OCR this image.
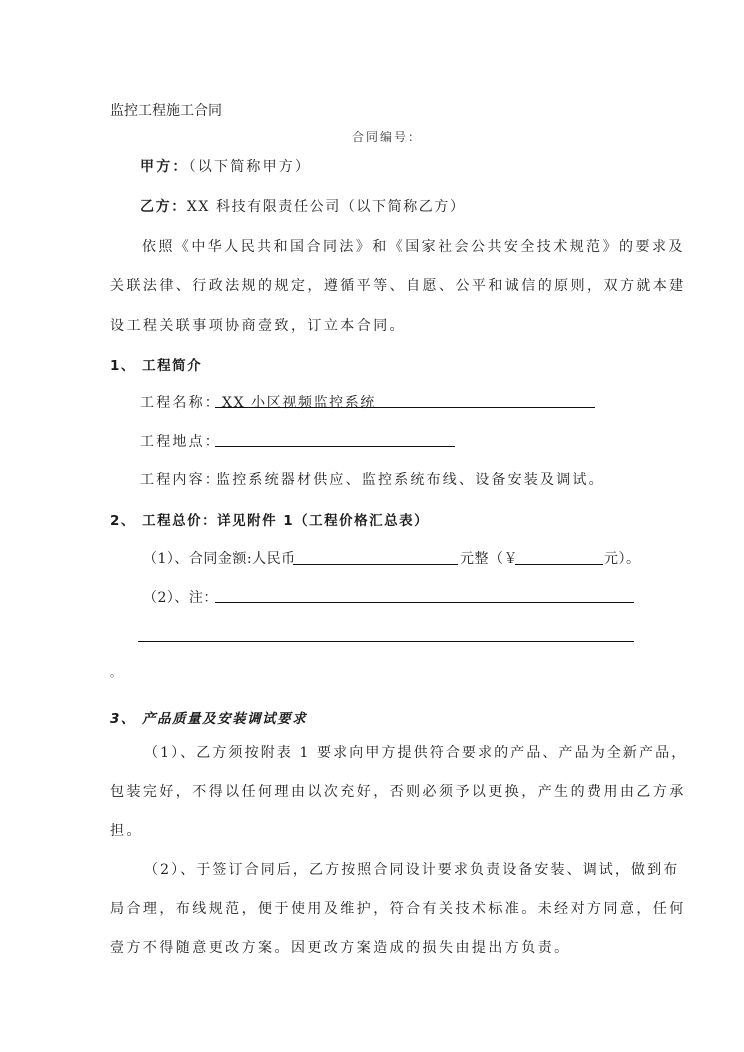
监控工程施工合同
合同编号：
甲方：（以下简称甲方）
乙方：XX 科技有限责任公司（以下简称乙方）
依照《中华人民共和国合同法》和《国家社会公共安全技术规范》的要求及
关联法律、行政法规的规定，遵循平等、自愿、公平和诚信的原则，双方就本建
设工程关联事项协商壹致，订立本合同。
1、 工程简介
工程名称： XX 小区视频监控系统
工程地点：
工程内容：
监控系统器材供应、监控系统布线、设备安装及调试。
2、 工程总价：详见附件 1（工程价格汇总表）
（1）、合同金额:人民币	元整（￥	元）。
（2）、注：
。
3、 产品质量及安装调试要求
（1）、乙方须按附表 1 要求向甲方提供符合要求的产品、产品为全新产品，
包装完好，不得以任何理由以次充好，否则必须予以更换，产生的费用由乙方承
担。
（2）、于签订合同后，乙方按照合同设计要求负责设备安装、调试，做到布
局合理，布线规范，便于使用及维护，符合有关技术标准。未经对方同意，任何
壹方不得随意更改方案。因更改方案造成的损失由提出方负责。
